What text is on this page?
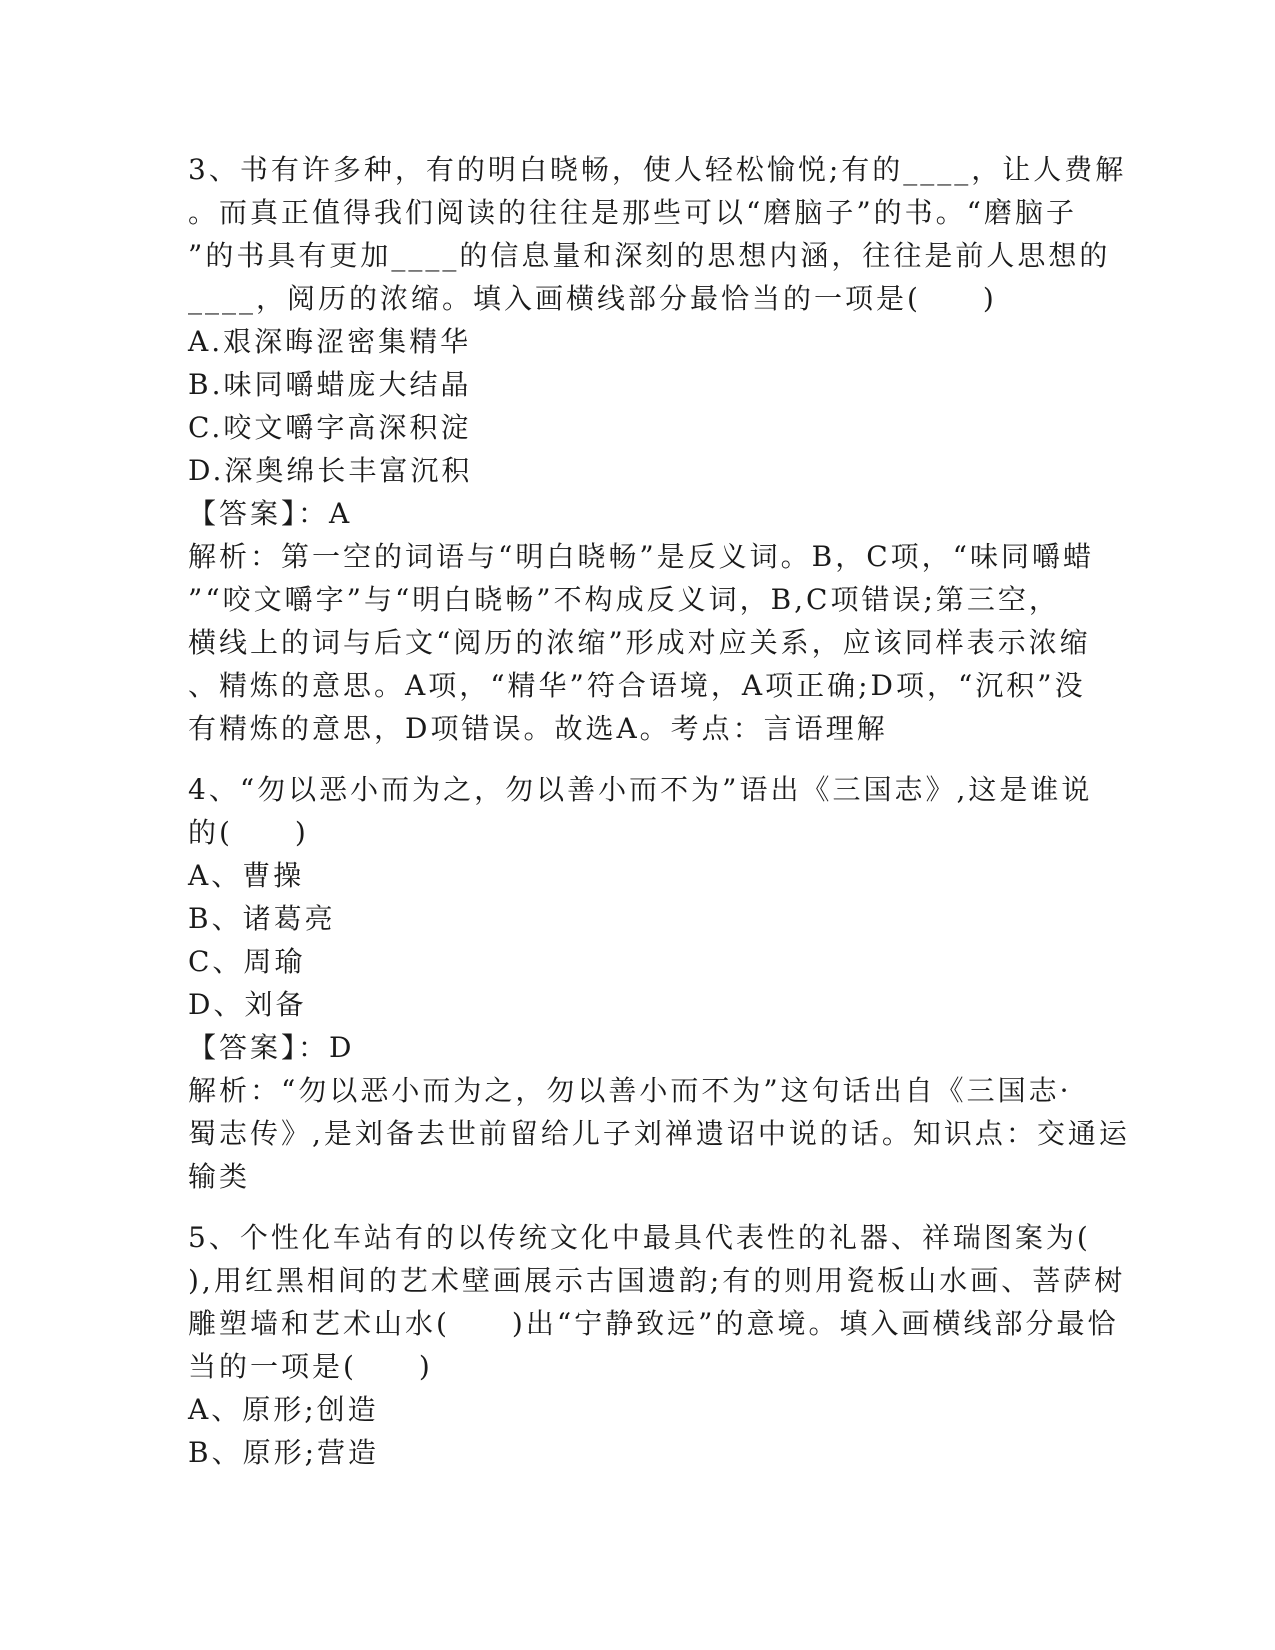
3、书有许多种，有的明白晓畅，使人轻松愉悦;有的____，让人费解
。而真正值得我们阅读的往往是那些可以“磨脑子”的书。“磨脑子
”的书具有更加____的信息量和深刻的思想内涵，往往是前人思想的
____，阅历的浓缩。填入画横线部分最恰当的一项是(　　)
A.艰深晦涩密集精华
B.味同嚼蜡庞大结晶
C.咬文嚼字高深积淀
D.深奥绵长丰富沉积
【答案】：A
解析：第一空的词语与“明白晓畅”是反义词。B，C项，“味同嚼蜡
”“咬文嚼字”与“明白晓畅”不构成反义词，B,C项错误;第三空，
横线上的词与后文“阅历的浓缩”形成对应关系，应该同样表示浓缩
、精炼的意思。A项，“精华”符合语境，A项正确;D项，“沉积”没
有精炼的意思，D项错误。故选A。考点：言语理解
4、“勿以恶小而为之，勿以善小而不为”语出《三国志》,这是谁说
的(　　)
A、曹操
B、诸葛亮
C、周瑜
D、刘备
【答案】：D
解析：“勿以恶小而为之，勿以善小而不为”这句话出自《三国志·
蜀志传》,是刘备去世前留给儿子刘禅遗诏中说的话。知识点：交通运
输类
5、个性化车站有的以传统文化中最具代表性的礼器、祥瑞图案为(
),用红黑相间的艺术壁画展示古国遗韵;有的则用瓷板山水画、菩萨树
雕塑墙和艺术山水(　　)出“宁静致远”的意境。填入画横线部分最恰
当的一项是(　　)
A、原形;创造
B、原形;营造
